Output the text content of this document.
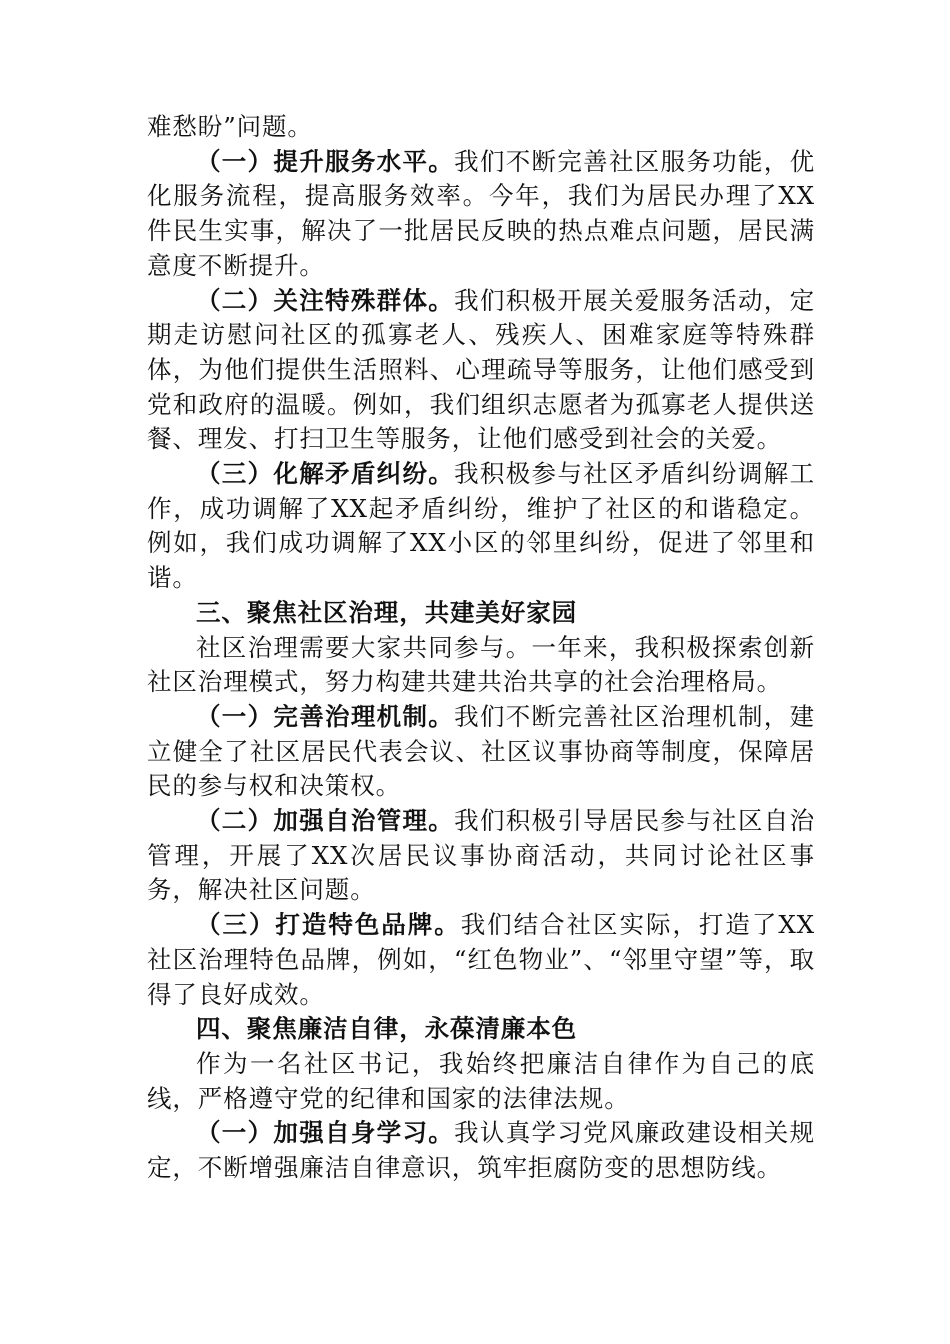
难愁盼”问题。

（一）提升服务水平。我们不断完善社区服务功能，优化服务流程，提高服务效率。今年，我们为居民办理了XX件民生实事，解决了一批居民反映的热点难点问题，居民满意度不断提升。

（二）关注特殊群体。我们积极开展关爱服务活动，定期走访慰问社区的孤寡老人、残疾人、困难家庭等特殊群体，为他们提供生活照料、心理疏导等服务，让他们感受到党和政府的温暖。例如，我们组织志愿者为孤寡老人提供送餐、理发、打扫卫生等服务，让他们感受到社会的关爱。

（三）化解矛盾纠纷。我积极参与社区矛盾纠纷调解工作，成功调解了XX起矛盾纠纷，维护了社区的和谐稳定。例如，我们成功调解了XX小区的邻里纠纷，促进了邻里和谐。

三、聚焦社区治理，共建美好家园

社区治理需要大家共同参与。一年来，我积极探索创新社区治理模式，努力构建共建共治共享的社会治理格局。

（一）完善治理机制。我们不断完善社区治理机制，建立健全了社区居民代表会议、社区议事协商等制度，保障居民的参与权和决策权。

（二）加强自治管理。我们积极引导居民参与社区自治管理，开展了XX次居民议事协商活动，共同讨论社区事务，解决社区问题。

（三）打造特色品牌。我们结合社区实际，打造了XX社区治理特色品牌，例如，“红色物业”、“邻里守望”等，取得了良好成效。

四、聚焦廉洁自律，永葆清廉本色

作为一名社区书记，我始终把廉洁自律作为自己的底线，严格遵守党的纪律和国家的法律法规。

（一）加强自身学习。我认真学习党风廉政建设相关规定，不断增强廉洁自律意识，筑牢拒腐防变的思想防线。
